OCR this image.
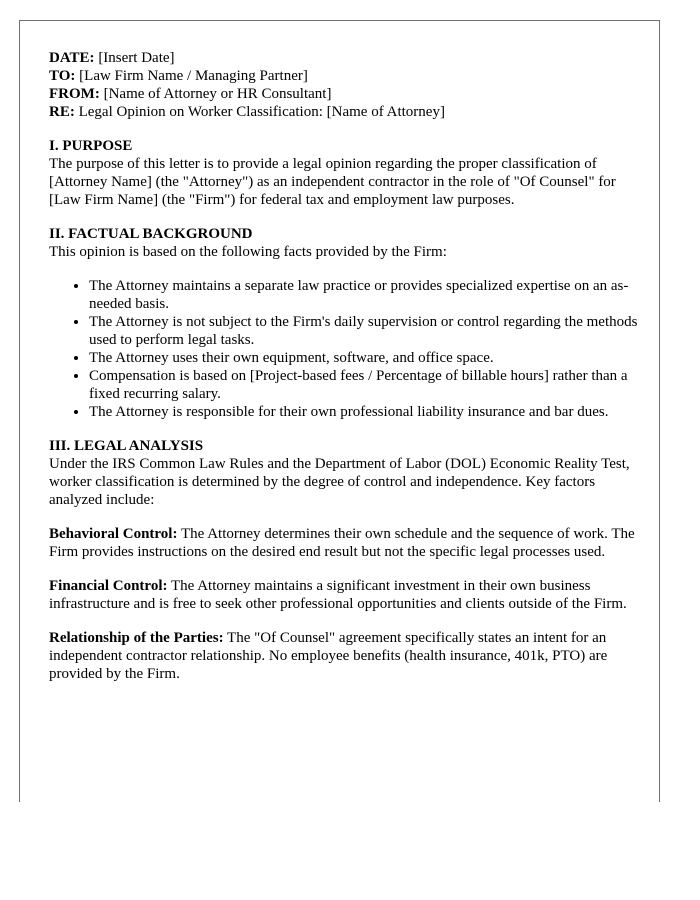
DATE: [Insert Date]

TO: [Law Firm Name / Managing Partner]
FROM: [Name of Attorney or HR Consultant]
RE: Legal Opinion on Worker Classification: [Name of Attorney]

I. PURPOSE

The purpose of this letter is to provide a legal opinion regarding the proper classification of [Attorney Name] (the "Attorney") as an independent contractor in the role of "Of Counsel" for [Law Firm Name] (the "Firm") for federal tax and employment law purposes.

II. FACTUAL BACKGROUND

This opinion is based on the following facts provided by the Firm:

• The Attorney maintains a separate law practice or provides specialized expertise on an as-needed basis.
• The Attorney is not subject to the Firm's daily supervision or control regarding the methods used to perform legal tasks.
• The Attorney uses their own equipment, software, and office space.
• Compensation is based on [Project-based fees / Percentage of billable hours] rather than a fixed recurring salary.
• The Attorney is responsible for their own professional liability insurance and bar dues.

III. LEGAL ANALYSIS

Under the IRS Common Law Rules and the Department of Labor (DOL) Economic Reality Test, worker classification is determined by the degree of control and independence. Key factors analyzed include:

Behavioral Control: The Attorney determines their own schedule and the sequence of work. The Firm provides instructions on the desired end result but not the specific legal processes used.

Financial Control: The Attorney maintains a significant investment in their own business infrastructure and is free to seek other professional opportunities and clients outside of the Firm.

Relationship of the Parties: The "Of Counsel" agreement specifically states an intent for an independent contractor relationship. No employee benefits (health insurance, 401k, PTO) are provided by the Firm.
